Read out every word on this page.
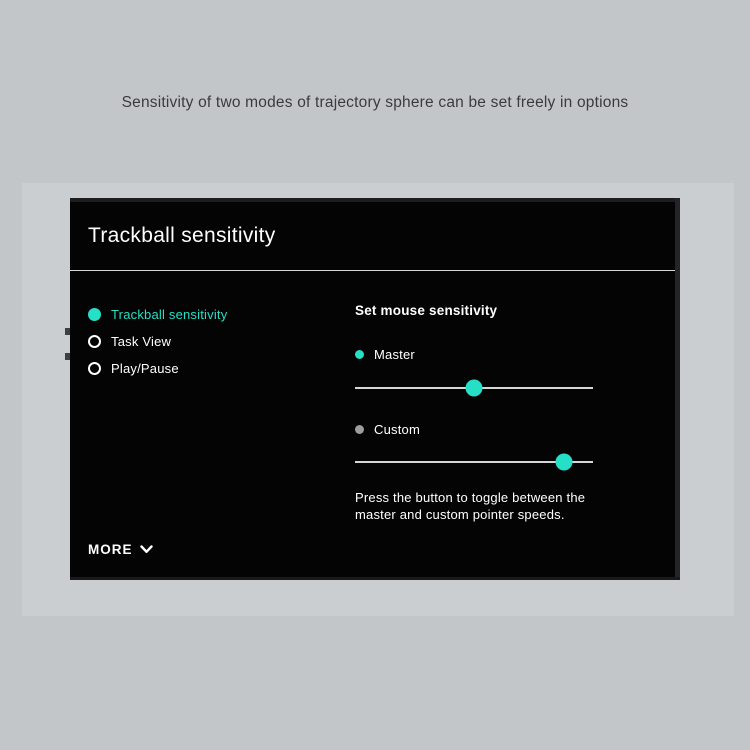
Sensitivity of two modes of trajectory sphere can be set freely in options
Trackball sensitivity
Trackball sensitivity
Task View
Play/Pause
Set mouse sensitivity
Master
Custom
Press the button to toggle between the master and custom pointer speeds.
MORE
